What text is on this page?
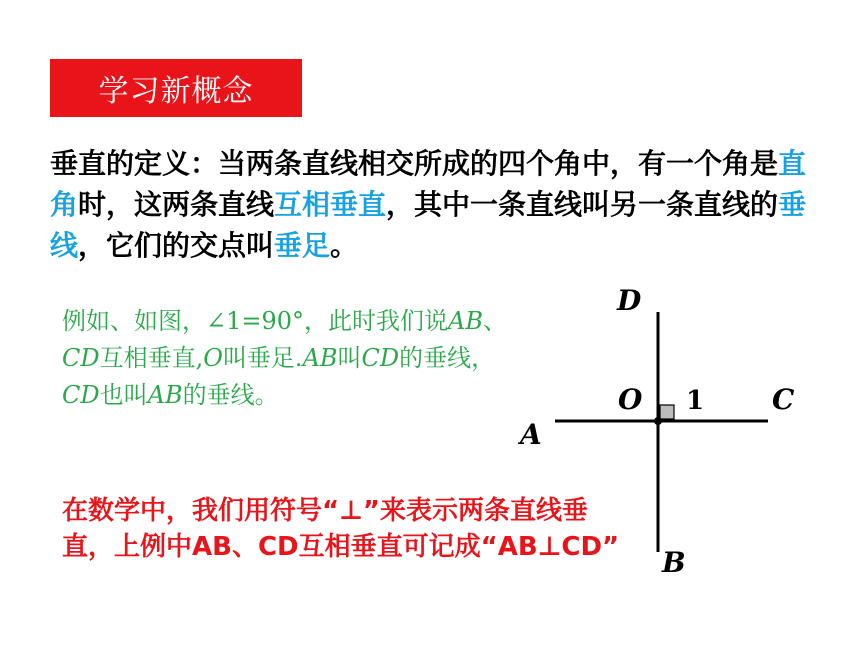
学习新概念
垂直的定义：当两条直线相交所成的四个角中，有一个角是直角时，这两条直线互相垂直，其中一条直线叫另一条直线的垂线，它们的交点叫垂足。
例如、如图，∠1=90°，此时我们说AB、CD互相垂直,O叫垂足.AB叫CD的垂线，CD也叫AB的垂线。
在数学中，我们用符号“⊥”来表示两条直线垂直，上例中AB、CD互相垂直可记成“AB⊥CD”
D
O 1 C
A
B
